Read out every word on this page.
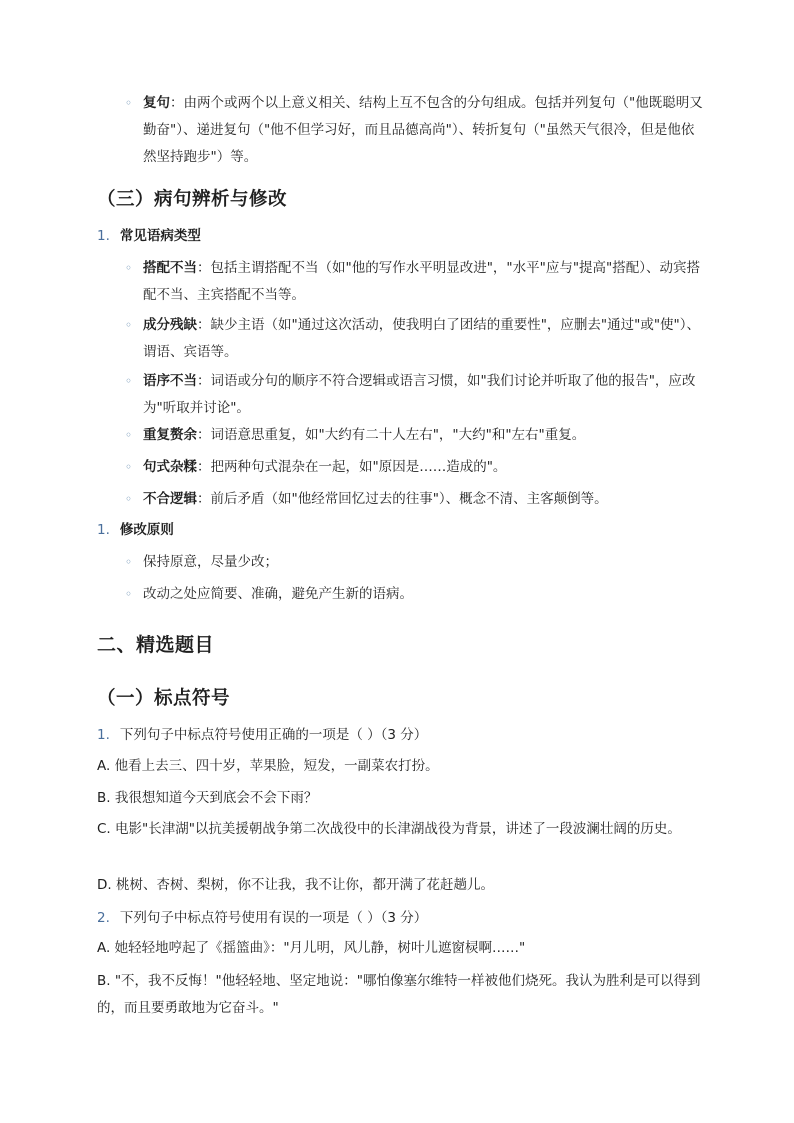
◦ 复句：由两个或两个以上意义相关、结构上互不包含的分句组成。包括并列复句（"他既聪明又勤奋"）、递进复句（"他不但学习好，而且品德高尚"）、转折复句（"虽然天气很冷，但是他依然坚持跑步"）等。
（三）病句辨析与修改
1. 常见语病类型
◦ 搭配不当：包括主谓搭配不当（如"他的写作水平明显改进"，"水平"应与"提高"搭配）、动宾搭配不当、主宾搭配不当等。
◦ 成分残缺：缺少主语（如"通过这次活动，使我明白了团结的重要性"，应删去"通过"或"使"）、谓语、宾语等。
◦ 语序不当：词语或分句的顺序不符合逻辑或语言习惯，如"我们讨论并听取了他的报告"，应改为"听取并讨论"。
◦ 重复赘余：词语意思重复，如"大约有二十人左右"，"大约"和"左右"重复。
◦ 句式杂糅：把两种句式混杂在一起，如"原因是……造成的"。
◦ 不合逻辑：前后矛盾（如"他经常回忆过去的往事"）、概念不清、主客颠倒等。
1. 修改原则
◦ 保持原意，尽量少改；
◦ 改动之处应简要、准确，避免产生新的语病。
二、精选题目
（一）标点符号
1. 下列句子中标点符号使用正确的一项是（ ）（3 分）
A. 他看上去三、四十岁，苹果脸，短发，一副菜农打扮。
B. 我很想知道今天到底会不会下雨？
C. 电影"长津湖"以抗美援朝战争第二次战役中的长津湖战役为背景，讲述了一段波澜壮阔的历史。
D. 桃树、杏树、梨树，你不让我，我不让你，都开满了花赶趟儿。
2. 下列句子中标点符号使用有误的一项是（ ）（3 分）
A. 她轻轻地哼起了《摇篮曲》："月儿明，风儿静，树叶儿遮窗棂啊……"
B. "不，我不反悔！"他轻轻地、坚定地说："哪怕像塞尔维特一样被他们烧死。我认为胜利是可以得到的，而且要勇敢地为它奋斗。"
